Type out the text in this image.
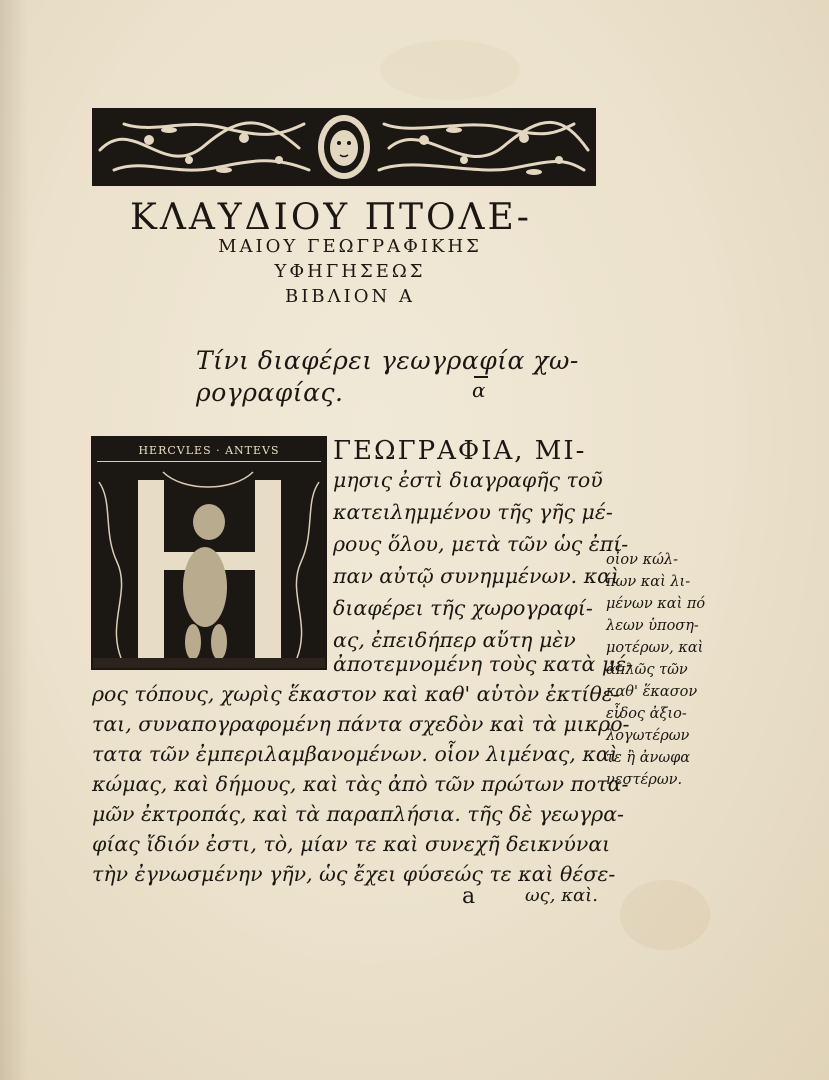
ΚΛΑΥΔΙΟΥ ΠΤΟΛΕ-
ΜΑΙΟΥ ΓΕΩΓΡΑΦΙΚΗΣ
ΥΦΗΓΗΣΕΩΣ
ΒΙΒΛΙΟΝ Α
Τίνι διαφέρει γεωγραφία χω-
ρογραφίας.	α
HERCVLES · ANTEVS	ΓΕΩΓΡΑΦΙΑ, ΜΙ-
μησις ἐστὶ διαγραφῆς τοῦ
κατειλημμένου τῆς γῆς μέ-
ρους ὅλου, μετὰ τῶν ὡς ἐπί-
παν αὐτῷ συνημμένων. καὶ
διαφέρει τῆς χωρογραφί-
ας, ἐπειδήπερ αὕτη μὲν
ἀποτεμνομένη τοὺς κατὰ μέ-
ρος τόπους, χωρὶς ἕκαστον καὶ καθ' αὑτὸν ἐκτίθε-
ται, συναπογραφομένη πάντα σχεδὸν καὶ τὰ μικρό-
τατα τῶν ἐμπεριλαμβανομένων. οἷον λιμένας, καὶ
κώμας, καὶ δήμους, καὶ τὰς ἀπὸ τῶν πρώτων ποτα-
μῶν ἐκτροπάς, καὶ τὰ παραπλήσια. τῆς δὲ γεωγρα-
φίας ἴδιόν ἐστι, τὸ, μίαν τε καὶ συνεχῆ δεικνύναι
τὴν ἐγνωσμένην γῆν, ὡς ἔχει φύσεώς τε καὶ θέσε-
οἷον κώλ-
πων καὶ λι-
μένων καὶ πό
λεων ὑποση-
μοτέρων, καὶ
ἁπλῶς τῶν
καθ' ἕκασον
εἶδος ἀξιο-
λογωτέρων
τε ἢ ἀνωφα
νεστέρων.
a	ως, καὶ.
